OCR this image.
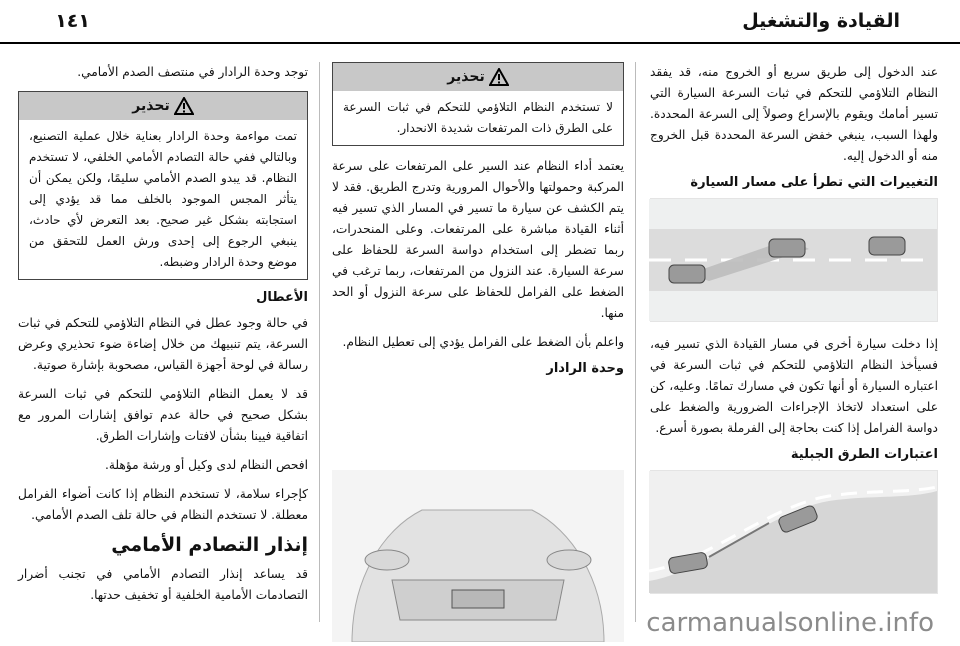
القيادة والتشغيل
١٤١

عند الدخول إلى طريق سريع أو الخروج منه، قد يفقد النظام التلاؤمي للتحكم في ثبات السرعة السيارة التي تسير أمامك ويقوم بالإسراع وصولاً إلى السرعة المحددة. ولهذا السبب، ينبغي خفض السرعة المحددة قبل الخروج منه أو الدخول إليه.

التغييرات التي تطرأ على مسار السيارة

إذا دخلت سيارة أخرى في مسار القيادة الذي تسير فيه، فسيأخذ النظام التلاؤمي للتحكم في ثبات السرعة في اعتباره السيارة أو أنها تكون في مسارك تمامًا. وعليه، كن على استعداد لاتخاذ الإجراءات الضرورية والضغط على دواسة الفرامل إذا كنت بحاجة إلى الفرملة بصورة أسرع.

اعتبارات الطرق الجبلية
تحذير
لا تستخدم النظام التلاؤمي للتحكم في ثبات السرعة على الطرق ذات المرتفعات شديدة الانحدار.

يعتمد أداء النظام عند السير على المرتفعات على سرعة المركبة وحمولتها والأحوال المرورية وتدرج الطريق. فقد لا يتم الكشف عن سيارة ما تسير في المسار الذي تسير فيه أثناء القيادة مباشرة على المرتفعات. وعلى المنحدرات، ربما تضطر إلى استخدام دواسة السرعة للحفاظ على سرعة السيارة. عند النزول من المرتفعات، ربما ترغب في الضغط على الفرامل للحفاظ على سرعة النزول أو الحد منها.

واعلم بأن الضغط على الفرامل يؤدي إلى تعطيل النظام.

وحدة الرادار

توجد وحدة الرادار في منتصف الصدم الأمامي.

تحذير
تمت مواءمة وحدة الرادار بعناية خلال عملية التصنيع، وبالتالي ففي حالة التصادم الأمامي الخلفي، لا تستخدم النظام. قد يبدو الصدم الأمامي سليمًا، ولكن يمكن أن يتأثر المجس الموجود بالخلف مما قد يؤدي إلى استجابته بشكل غير صحيح. بعد التعرض لأي حادث، ينبغي الرجوع إلى إحدى ورش العمل للتحقق من موضع وحدة الرادار وضبطه.
الأعطال

في حالة وجود عطل في النظام التلاؤمي للتحكم في ثبات السرعة، يتم تنبيهك من خلال إضاءة ضوء تحذيري وعرض رسالة في لوحة أجهزة القياس، مصحوبة بإشارة صوتية.

قد لا يعمل النظام التلاؤمي للتحكم في ثبات السرعة بشكل صحيح في حالة عدم توافق إشارات المرور مع اتفاقية فيينا بشأن لافتات وإشارات الطرق.

افحص النظام لدى وكيل أو ورشة مؤهلة.

كإجراء سلامة، لا تستخدم النظام إذا كانت أضواء الفرامل معطلة. لا تستخدم النظام في حالة تلف الصدم الأمامي.

إنذار التصادم الأمامي

قد يساعد إنذار التصادم الأمامي في تجنب أضرار التصادمات الأمامية الخلفية أو تخفيف حدتها.

carmanualsonline.info
